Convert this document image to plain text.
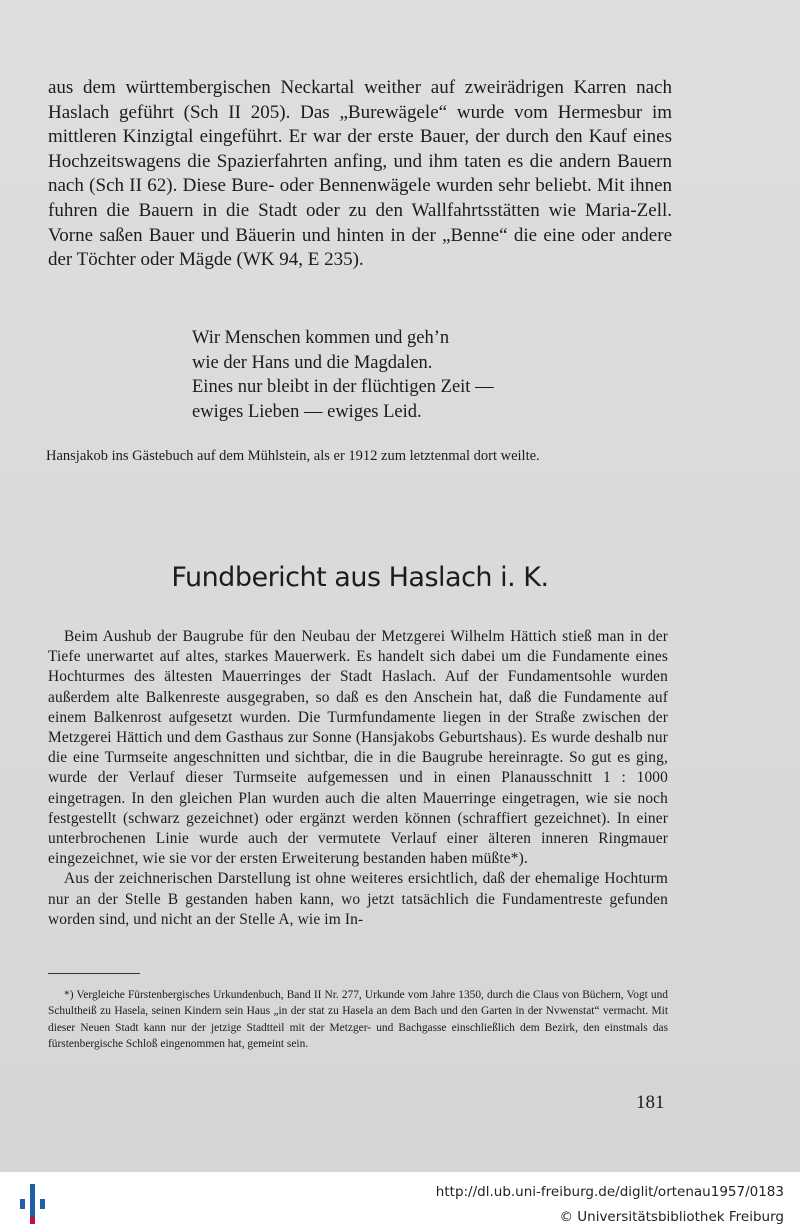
aus dem württembergischen Neckartal weither auf zweirädrigen Karren nach Haslach geführt (Sch II 205). Das „Burewägele“ wurde vom Hermesbur im mittleren Kinzigtal eingeführt. Er war der erste Bauer, der durch den Kauf eines Hochzeitswagens die Spazierfahrten anfing, und ihm taten es die andern Bauern nach (Sch II 62). Diese Bure- oder Bennenwägele wurden sehr beliebt. Mit ihnen fuhren die Bauern in die Stadt oder zu den Wallfahrtsstätten wie Maria-Zell. Vorne saßen Bauer und Bäuerin und hinten in der „Benne“ die eine oder andere der Töchter oder Mägde (WK 94, E 235).

Wir Menschen kommen und geh’n
wie der Hans und die Magdalen.
Eines nur bleibt in der flüchtigen Zeit —
ewiges Lieben — ewiges Leid.
Hansjakob ins Gästebuch auf dem Mühlstein, als er 1912 zum letztenmal dort weilte.
Fundbericht aus Haslach i. K.

Beim Aushub der Baugrube für den Neubau der Metzgerei Wilhelm Hättich stieß man in der Tiefe unerwartet auf altes, starkes Mauerwerk. Es handelt sich dabei um die Fundamente eines Hochturmes des ältesten Mauerringes der Stadt Haslach. Auf der Fundamentsohle wurden außerdem alte Balkenreste ausgegraben, so daß es den Anschein hat, daß die Fundamente auf einem Balkenrost aufgesetzt wurden. Die Turmfundamente liegen in der Straße zwischen der Metzgerei Hättich und dem Gasthaus zur Sonne (Hansjakobs Geburtshaus). Es wurde deshalb nur die eine Turmseite angeschnitten und sichtbar, die in die Baugrube hereinragte. So gut es ging, wurde der Verlauf dieser Turmseite aufgemessen und in einen Planausschnitt 1 : 1000 eingetragen. In den gleichen Plan wurden auch die alten Mauerringe eingetragen, wie sie noch festgestellt (schwarz gezeichnet) oder ergänzt werden können (schraffiert gezeichnet). In einer unterbrochenen Linie wurde auch der vermutete Verlauf einer älteren inneren Ringmauer eingezeichnet, wie sie vor der ersten Erweiterung bestanden haben müßte*).

Aus der zeichnerischen Darstellung ist ohne weiteres ersichtlich, daß der ehemalige Hochturm nur an der Stelle B gestanden haben kann, wo jetzt tatsächlich die Fundamentreste gefunden worden sind, und nicht an der Stelle A, wie im In-

*) Vergleiche Fürstenbergisches Urkundenbuch, Band II Nr. 277, Urkunde vom Jahre 1350, durch die Claus von Büchern, Vogt und Schultheiß zu Hasela, seinen Kindern sein Haus „in der stat zu Hasela an dem Bach und den Garten in der Nvwenstat“ vermacht. Mit dieser Neuen Stadt kann nur der jetzige Stadtteil mit der Metzger- und Bachgasse einschließlich dem Bezirk, den einstmals das fürstenbergische Schloß eingenommen hat, gemeint sein.

181
http://dl.ub.uni-freiburg.de/diglit/ortenau1957/0183
© Universitätsbibliothek Freiburg
